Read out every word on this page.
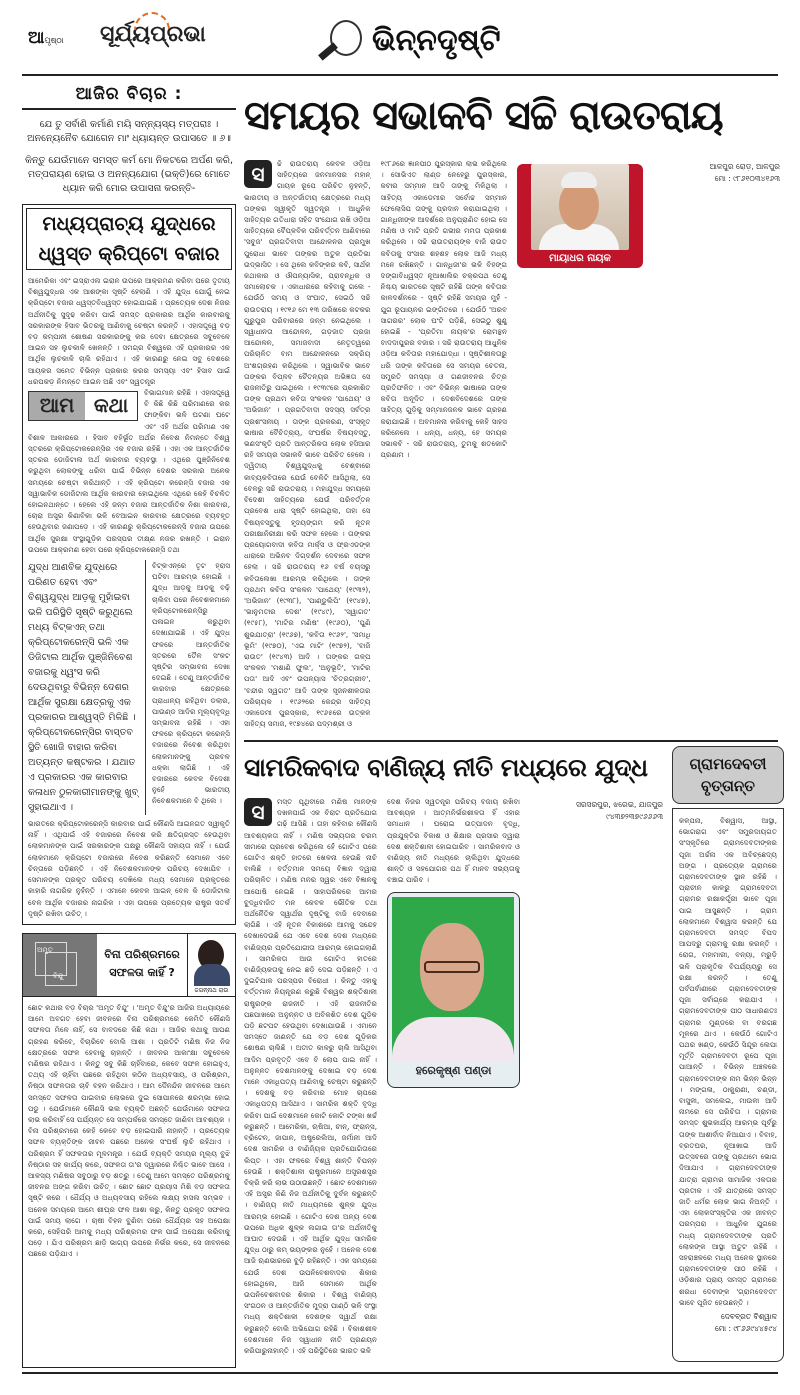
ଆପୃଷ୍ଠା ସୂର୍ଯ୍ୟପ୍ରଭା	ଭିନ୍ନଦୃଷ୍ଟି
ଆଜିର ବିଚାର :
ଯେ ତୁ ସର୍ବାଣି କର୍ମାଣି ମୟି ସନ୍ନ୍ୟସ୍ୟ ମତ୍ପରାଃ । ଅନନ୍ୟେନୈବ ଯୋଗେନ ମାଂ ଧ୍ୟାୟନ୍ତ ଉପାସତେ ॥ ୬॥
କିନ୍ତୁ ଯେଉଁମାନେ ସମସ୍ତ କର୍ମ ମୋ ନିକଟରେ ଅର୍ପଣ କରି, ମତ୍ପରାୟଣ ହୋଇ ଓ ଅନନ୍ୟଯୋଗ (ଭକ୍ତି)ରେ ମୋତେ ଧ୍ୟାନ କରି ମୋର ଉପାସନା କରନ୍ତି-
ମଧ୍ୟପ୍ରାଚ୍ୟ ଯୁଦ୍ଧରେ ଧ୍ୱସ୍ତ କ୍ରିପ୍ଟୋ ବଜାର
ଆମେରିକା ଏବଂ ଇସ୍ରାଏଲ ଇରାନ ଉପରେ ଆକ୍ରମଣ କରିବା ପରେ ତୃତୀୟ ବିଶ୍ୱଯୁଦ୍ଧର ଏକ ଆଶଙ୍କା ସୃଷ୍ଟି ହେଲାଣି । ଏହି ଯୁଦ୍ଧ ଯୋଗୁଁ ନେଇ କ୍ରିପ୍ଟୋ ବଜାର ଧ୍ୱସ୍ତବିଧ୍ୱସ୍ତ ହୋଇଯାଇଛି । ପ୍ରତ୍ୟେକ ଦେଶ ନିଜର ଅର୍ଥନୀତିକୁ ସୁଦୃଢ କରିବା ପାଇଁ ସମସ୍ତ ପ୍ରକାରର ଆର୍ଥିକ କାରବାରକୁ ସରକାରଙ୍କ ହିସାବ ଭିତରକୁ ଆଣିବାକୁ ଚେଷ୍ଟା କରନ୍ତି । ଏହାସତ୍ତ୍ୱେ ବଡ଼ ବଡ଼ କମ୍ପାନୀ ଶୋଷଣ ସରକାରଙ୍କୁ କର ଦେବା କ୍ଷେତ୍ରରେ ସବୁବେଳେ ଆଇନ ସହ ଲୁଚକାଳି ଖେଳନ୍ତି । ସମଗ୍ର ବିଶ୍ୱରେ ଏହି ପ୍ରକାରର ଏକ ଆର୍ଥିକ ଲୁଚକାଳି ଚାଲି ରହିଥାଏ । ଏହି କାରଣରୁ ନେଇ ସବୁ ଦେଶରେ ଆୟକର ସମେତ ବିଭିନ୍ନ ପ୍ରକାର କରର ସମସ୍ୟା ଏବଂ ହିସାବ ପାଇଁ ଧରପକଡ଼ ନିମନ୍ତେ ଆଇନ ଅଛି ଏବଂ ସ୍ୱତନ୍ତ୍ର
ଆମ କଥା
ବିଭାଗମାନ ରହିଛି । ଏହାସତ୍ତ୍ୱେ ବି କିଛି କିଛି ପରିମାଣରେ କର ଫାଙ୍କିବା ଭଳି ଘଟଣା ଘଟେ ଏବଂ ଏହି ଅର୍ଥର ପରିମାଣ ଏକ ବିଶାଳ ଆକାରରେ । ହିସାବ ବହିର୍ଭୂତ ଅର୍ଥର ନିବେଶ ନିମନ୍ତେ ବିଶ୍ୱ ସ୍ତରରେ କ୍ରିପ୍ଟୋକରେନ୍ସିର ଏକ ବଜାର ରହିଛି । ଏହା ଏକ ଆନ୍ତର୍ଜାତିକ ସ୍ତରର ଡୋଜିଟାଲ ଅର୍ଥ କାରବାର ବ୍ୟବସ୍ଥା । ଏଥିରେ ପୁଞ୍ଜିନିବେଶ କରୁଥିବା ଲୋକଙ୍କୁ ଧରିବା ପାଇଁ ବିଭିନ୍ନ ଦେଶର ସରକାର ଅନେକ ସମୟରେ ଚେଷ୍ଟା କରିଥାନ୍ତି । ଏହି କ୍ରିପ୍ଟୋ କରେନ୍ସି ବଜାର ଏକ ସ୍ୱାଭାବିକ ଡୋଜିଟାଲ ଆର୍ଥିକ କାରବାର ହୋଇଥିଲେ ଏଥିରେ କେହି ବିଚଳିତ ହୋଇନଥାନ୍ତେ । ହେଲେ ଏହି ଜନ୍ମ ବଜାର ଆନ୍ତର୍ଜାତିକ ନିଶା କାରବାର, ଚୋରା ଅସ୍ତ୍ର କିଣାବିକା ଭଳି ବେଆଇନ କାରବାର କ୍ଷେତ୍ରରେ ବ୍ୟବହୃତ ହେଉଥିବାର ଜଣାପଡ଼େ । ଏହି କାରଣରୁ କ୍ରିପ୍ଟୋକରେନ୍ସି ବଜାର ଉପରେ ଆର୍ଥିକ ସୁରକ୍ଷା ସଂସ୍ଥାଗୁଡ଼ିକ ପରସ୍ପର ତୀକ୍ଷ୍ଣ ନଜର ରଖନ୍ତି । ଇରାନ ଉପରେ ଆକ୍ରମଣ ହେବା ପରେ କ୍ରିପ୍ଟୋକରେନ୍ସି ତଥା
ଯୁଦ୍ଧ ଆଣବିକ ଯୁଦ୍ଧରେ ପରିଣତ ହେବା ଏବଂ ବିଶ୍ୱଯୁଦ୍ଧ ଆଡ଼କୁ ମୁହାଁଇବା ଭଳି ପରିସ୍ଥିତି ସୃଷ୍ଟି କରୁଥିଲେ ମଧ୍ୟ ବିଟ୍‌କଏନ୍ ତଥା କ୍ରିପ୍ଟୋକରେନ୍ସି ଭଳି ଏକ ଡିଜିଟାଲ ଆର୍ଥିକ ପୁଞ୍ଜିନିବେଶ ବଜାରକୁ ଧ୍ୱଂସ କରି ଦେଉଥିବାରୁ ବିଭିନ୍ନ ଦେଶର ଆର୍ଥିକ ସୁରକ୍ଷା କ୍ଷେତ୍ରକୁ ଏକ ପ୍ରକାରର ଆଶ୍ୱସ୍ତି ମିଳିଛି । କ୍ରିପ୍ଟୋକରେନ୍ସିର ବାସ୍ତବ ସ୍ଥିତି ଖୋଜି ବାହାର କରିବା ଅତ୍ୟନ୍ତ କଷ୍ଟକର । ଯଥାତ ଏ ପ୍ରକାରର ଏକ କାରବାର କଳାଧନ ଠୁଳକାରୀମାନଙ୍କୁ ଖୁବ୍ ସୁହାଇଥାଏ ।
ବିଟ୍‌କଏନ୍‌ରେ ତୃଟ ହ୍ରାସ ଘଟିବା ଆରମ୍ଭ ହୋଇଛି । ଯୁଦ୍ଧ ଆଡ଼କୁ ଆଡ଼କୁ ବଢ଼ି ଚାଲିବା ପରେ ନିବେଶକମାନେ କ୍ରିପ୍ଟୋକରେନ୍ସିରୁ ପଳାଇନ କରୁଥିବା ଦେଖାଯାଇଛି । ଏହି ଯୁଦ୍ଧ ଫଳରେ ଆନ୍ତର୍ଜାତିକ ସ୍ତରରେ ତୈଳ ସଂକଟ ସୃଷ୍ଟିର ସମ୍ଭାବନା ଦେଖା ଦେଇଛି । ତେଣୁ ଆନ୍ତର୍ଜାତିକ କାରବାର କ୍ଷେତ୍ରରେ ପ୍ରାଧାନ୍ୟ ରହିଥିବା ଡଲାର, ପାଉଣ୍ଡ ଆଦିର ମୂଲ୍ୟବୃଦ୍ଧି ସମ୍ଭାବନା ରହିଛି । ଏହା ଫଳରେ କ୍ରିପ୍ଟୋ କରେନ୍ସି ବଜାରରେ ନିବେଶ କରିଥିବା ଲୋକମାନଙ୍କୁ ପ୍ରବଳ ଧକ୍କା ଲାଗିଛି । ଏହି ବଜାରରେ କେବଳ ବିଦେଶୀ ନୁହେଁ ଭାରତୀୟ ନିବେଶକମାନେ ବି ଥିଲେ ।
ଭାରତରେ କ୍ରିପ୍ଟୋକରେନ୍ସି କାରବାର ପାଇଁ କୌଣସି ଆଇନଗତ ସ୍ୱୀକୃତି ନାହିଁ । ଏଥିପାଇଁ ଏହି ବଜାରରେ ନିବେଶ କରି କ୍ଷତିଗ୍ରସ୍ତ ହେଉଥିବା ଲୋକମାନଙ୍କ ପାଇଁ ସରକାରଙ୍କ ପକ୍ଷରୁ କୌଣସି ସହାୟତା ନାହିଁ । ଯେଉଁ ଲୋକମାନେ କ୍ରିପ୍ଟୋ ବଜାରରେ ନିବେଶ କରିଛନ୍ତି ସେମାନେ ଏବେ ଚିନ୍ତାରେ ପଡ଼ିଛନ୍ତି । ଏହି ନିବେଶକମାନଙ୍କ ପରିଚୟ ଦେଖାଯିବ । ସେମାନଙ୍କ ପ୍ରକୃତ ପରିଚୟ ଦେଖିଲେ ମଧ୍ୟ ସେମାନେ ପ୍ରକୃତରେ କାହାରି ନାଗରିକ ନୁହଁନ୍ତି । ଏମାନେ କେବଳ ଆଇନ୍ ବେଳ କି ଡୋଜିଟାଲ ବେଳ ଆର୍ଥିକ ବଜାରର ନାଗରିକ । ଏହା ଉପରେ ପ୍ରତ୍ୟେକ ରାଷ୍ଟ୍ର ସତର୍କ ଦୃଷ୍ଟି ରଖିବା ଉଚିତ୍ ।
ଅମୃତ
ବିନ୍ଦୁ
ବିନା ପରିଶ୍ରମରେ ସଫଳତା କାହିଁ ?
ଜଗନ୍ନାଥ ରାଉ
ଛୋଟ କଥାର ବଡ଼ ବିଚାର 'ଅମୃତ ବିନ୍ଦୁ' । 'ଅମୃତ ବିନ୍ଦୁ'ର ଆଜିର ଅଧ୍ୟାୟରେ ଆମେ ଅବଗତ ହେବା ଜୀବନରେ ବିନା ପରିଶ୍ରମରେ କେମିତି କୌଣସି ସଫଳତା ମିଳେ ନାହିଁ, ସେ ବାବଦରେ କିଛି କଥା । ଆଜିର କଥାକୁ ଆପଣ ଗ୍ରହଣ କରିବେ, ବିଚାରିବେ ବୋଲି ଆଶା । ପ୍ରତିଟି ମଣିଷ ନିଜ ନିଜ କ୍ଷେତ୍ରରେ ସଫଳ ହେବାକୁ ଚାହାନ୍ତି । ଜୀବନର ଆକାଂକ୍ଷା ସବୁବେଳେ ମଣିଷର ରହିଥାଏ । କିନ୍ତୁ ସବୁ କିଛି ଚାହିଁବାରେ, କେବେ ସଫଳ ହୋଇହୁଏ, ତଥ୍ୟ ଏହି ଚାହିଁବା ପଛରେ ରହିଥିବା କଠିନ ଅଧ୍ୟବସାୟ, ଓ ପରିଶ୍ରମ, ନିଷ୍ଠା ସଫଳତାର ଚାବି ବହନ କରିଥାଏ । ଆମ ଦୈନନ୍ଦିନ ଜୀବନରେ ଆମେ ସମସ୍ତେ ସଫଳତା ପାଇବାର ଲୋଭରେ ଦୁଇ ସୋପାନରେ ଶରମ୍ଭା ହୋଇ ପଡୁ । ଯେଉଁମାନେ କୌଣସି ଭଲ ବ୍ୟକ୍ତି ଅଛନ୍ତି ଯେଉଁମାନେ ସଫଳତା ଲାଭ କରିବାହିଁ ସେ ପର୍ଯ୍ୟନ୍ତ ସେ ସମ୍ପର୍କରେ ସମସ୍ତେ ଜାଣିବା ଆବଶ୍ୟକ । ବିନା ପରିଶ୍ରମରେ କେହି କେବେ ବଡ଼ ହୋଇପାରି ନାହାନ୍ତି । ପ୍ରତ୍ୟେକ ସଫଳ ବ୍ୟକ୍ତିଙ୍କ ଜୀବନ ପଛରେ ଅନେକ ସଂଘର୍ଷ ଲୁଚି ରହିଥାଏ । ପରିଶ୍ରମ ହିଁ ସଫଳତାର ମୂଳମନ୍ତ୍ର । ଯେଉଁ ବ୍ୟକ୍ତି ସମୟର ମୂଲ୍ୟ ବୁଝି ନିଷ୍ଠାର ସହ କାର୍ଯ୍ୟ କରେ, ସଫଳତା ତା'ର ଦ୍ୱାରରେ ନିଶ୍ଚିତ ଭାବେ ଆସେ । ଆଳସ୍ୟ ମଣିଷର ସବୁଠାରୁ ବଡ଼ ଶତ୍ରୁ । ତେଣୁ ଆମେ ସମସ୍ତେ ପରିଶ୍ରମକୁ ଜୀବନର ଅଙ୍ଗ କରିବା ଉଚିତ୍ । ଛୋଟ ଛୋଟ ପ୍ରୟାସ ମିଶି ବଡ଼ ସଫଳତା ସୃଷ୍ଟି କରେ । ଧୈର୍ଯ୍ୟ ଓ ଅଧ୍ୟବସାୟ ରହିଲେ ଲକ୍ଷ୍ୟ ହାସଲ ସମ୍ଭବ । ଅନେକ ସମୟରେ ଆମେ ଶୀଘ୍ର ଫଳ ଆଶା କରୁ, କିନ୍ତୁ ପ୍ରକୃତ ସଫଳତା ପାଇଁ ସମୟ ଲାଗେ । ଚାଷୀ ବିହନ ବୁଣିବା ପରେ ଧୈର୍ଯ୍ୟର ସହ ଅପେକ୍ଷା କରେ, ସେହିପରି ଆମକୁ ମଧ୍ୟ ପରିଶ୍ରମର ଫଳ ପାଇଁ ଅପେକ୍ଷା କରିବାକୁ ପଡ଼େ । ଯିଏ ପରିଶ୍ରମ ଛାଡ଼ି ଭାଗ୍ୟ ଉପରେ ନିର୍ଭର କରେ, ସେ ଜୀବନରେ ପଛରେ ପଡ଼ିଯାଏ ।
ସମୟର ସଭାକବି ସଚ୍ଚି ରାଉତରାୟ
ସ	ଚ୍ଚି ରାଉତରାୟ କେବଳ ଓଡ଼ିଆ ସାହିତ୍ୟରେ ଜନମାନସର ମହାନ୍ ଗାୟକ ରୂପେ ପରିଚିତ ନୁହନ୍ତି, ଭାରତୀୟ ଓ ଅନ୍ତର୍ଜାତୀୟ କ୍ଷେତ୍ରରେ ମଧ୍ୟ ତାଙ୍କର ସ୍ୱୀକୃତି ସ୍ୱତନ୍ତ୍ର । ଆଧୁନିକ ସାହିତ୍ୟର ଗତିଧାରା ସହିତ ସଂଯୋଗ ରଖି ଓଡ଼ିଆ ସାହିତ୍ୟରେ ବୈପ୍ଳବିକ ପରିବର୍ତ୍ତନ ଆଣିବାରେ 'ସବୁଜ' ପ୍ରଗତିବାଦୀ ଆନ୍ଦୋଳନର ପ୍ରମୁଖ ପୁରୋଧା ଭାବେ ତାଙ୍କର ଅତୁଳ ପ୍ରତିଭା ଉଦ୍ଭାସିତ । ସେ ଥିଲେ କବିଙ୍କର କବି, ସାର୍ଥକ କଥାକାର ଓ ଔପନ୍ୟାସିକ, ପ୍ରାବନ୍ଧିକ ଓ ସମାଲୋଚକ । ଏକାଧାରରେ କହିବାକୁ ଗଲେ - ଯେଉଁଠି ସମୟ ଓ ସଂଘାତ, ସେଇଠି ସଚ୍ଚି ରାଉତରାୟ । ୧୯୧୬ ମେ ୧୩ ତାରିଖରେ କଟକର ଗୁରୁପୁର ପରିବାରରେ ଜନ୍ମ ନେଇଥିଲେ । ସ୍ୱାଧୀନତା ଆନ୍ଦୋଳନ, ଗଡ଼ଜାତ ପ୍ରଜା ଆନ୍ଦୋଳନ, ସମାଜବାଦୀ ନେତୃତ୍ୱରେ ପରିଚାଳିତ ବାମ ଆନ୍ଦୋଳନରେ ସକ୍ରିୟ ଅଂଶଗ୍ରହଣ କରିଥିଲେ । ସ୍ୱାଭାବିକ ଭାବେ ତାଙ୍କର ବିପ୍ଳବ ଚୈତନ୍ୟର ଅଭିଜ୍ଞତା ସେ ରାଜନୀତିରୁ ପାଇଥିଲେ । ୧୯୩୯ରେ ପ୍ରକାଶିତ ତାଙ୍କ ପ୍ରଥମ କବିତା ସଂକଳନ 'ପାଥେୟ' ଓ 'ଅଭିଜାନ' । ପ୍ରଗତିବାଦୀ ସଦସ୍ୟ ସର୍ବତ୍ର ପ୍ରଶଂସନୀୟ । ତାଙ୍କ ପ୍ରକରଣ, ସଂସ୍କୃତ ଭାଷାର ବୈଚିତ୍ର୍ୟ, ସଂଘର୍ଷର ବିଷୟବସ୍ତୁ, ଭଣସଂକୃତି ପ୍ରତି ଆନ୍ତରିକତା ଲୋକ ହସିଆର ରହି ସମୟର ସଭାକବି ଭାବେ ପରିଚିତ ହେଲେ । ଦ୍ୱିତୀୟ ବିଶ୍ୱଯୁଦ୍ଧକୁ ବେଶ୍ଵାରେ କାବ୍ୟକବିତାରେ ଯେଉଁ ବେଳିଟି ଆସିଥିଲା, ସେ ବେଳରୁ ସଚ୍ଚି ରାଉତରାୟ । ମହାଯୁଦ୍ଧ ସମୟରେ ବିଦେଶୀ ସାହିତ୍ୟରେ ଯେଉଁ ପରିବର୍ତ୍ତନ ପ୍ରବେଶ ଧାରା ସୃଷ୍ଟି ହୋଇଥିଲା, ତାହା ସେ ବିଷୟବସ୍ତୁକୁ ହୃଦୟଙ୍ଗମ କରି ନୂତନ ପରୀକ୍ଷାନିରୀକ୍ଷା କରି ସଫଳ ହେଲେ । ତାଙ୍କର ପ୍ରୟୋଗବାଦୀ କବିତା ମାର୍କ୍ସ ଓ ଫ୍ରଏଡଙ୍କ ଧାରାରେ ଅଭିନବ ଦିଗ୍‌ଦର୍ଶନ ଦେବାରେ ସଫଳ ହେଲା । ସଚ୍ଚି ରାଉତରାୟ ୧୬ ବର୍ଷ ବୟସରୁ କବିତାଲେଖା ଆରମ୍ଭ କରିଥିଲେ । ତାଙ୍କ ପ୍ରଥମ କବିତା ସଂକଳନ 'ପାଥେୟ' (୧୯୩୨), 'ଅଭିଜାନ' (୧୯୩୮), 'ପାଣ୍ଡୁଲିପି' (୧୯୪୭), 'ଭାନୁମତୀର ଦେଶ' (୧୯୪୯), 'ସ୍ୱାଗତ' (୧୯୫୮), 'ମାଟିର ମଣିଷ' (୧୯୬୦), 'ପୁଣି ଶୁଭଯାତ୍ରା' (୧୯୬୭), 'କବିତା ୧୯୬୨', 'ସମାଧି ଭୂମି' (୧୯୭୦), 'ଏଇ ମାଟି' (୧୯୭୨), 'ବାଜି ରାଉତ' (୧୯୪୩) ଆଦି । ତାଙ୍କର ଗଳ୍ପ ସଂକଳନ 'ମଶାଣି ଫୁଲ', 'ଅନୁଭୂତି', 'ମାଟିର ପତା' ଆଦି ଏବଂ ଉପନ୍ୟାସ 'ଚିତ୍ରଗ୍ରୀବ', 'ବନ୍ଦୀର ସ୍ୱଗତ' ଆଦି ତାଙ୍କ ସୃଜନଶୀଳତାର ପରିଚାୟକ । ୧୯୬୨ରେ କେନ୍ଦ୍ର ସାହିତ୍ୟ ଏକାଡେମୀ ପୁରସ୍କାର, ୧୯୬୫ରେ ଉତ୍କଳ ସାହିତ୍ୟ ସମାଜ, ୧୯୭୪ରେ ପଦ୍ମଶ୍ରୀ ଓ
୧୯୮୬ରେ ଜ୍ଞାନପୀଠ ପୁରସ୍କାର ଲାଭ କରିଥିଲେ । ସୋଭିଏତ ଲାଣ୍ଡ ନେହେରୁ ପୁରସ୍କାର, କବୀର ସମ୍ମାନ ଆଦି ତାଙ୍କୁ ମିଳିଥିଲା । ସାହିତ୍ୟ ଏକାଡେମୀର ସର୍ବୋଚ୍ଚ ସମ୍ମାନ ଫେଲୋସିପ ତାଙ୍କୁ ପ୍ରଦାନ କରାଯାଇଥିଲା । ଗାନ୍ଧିଜୀଙ୍କ ଆଦର୍ଶରେ ଅନୁପ୍ରାଣିତ ହୋଇ ସେ ମଣିଷ ଓ ମାଟି ପ୍ରତି ଗଭୀର ମମତା ପ୍ରକାଶ କରିଥିଲେ । ସଚ୍ଚି ରାଉତରାୟଙ୍କ ବାଜି ରାଉତ କବିତାକୁ ସଂସାର ଶହଶହ ଲୋକ ଆଜି ମଧ୍ୟ ମନେ ରଖିଛନ୍ତି । ଗାନ୍ଧିଜୀ'ର ଭଳି ବିହଙ୍ଗ ଦଙ୍ଗାବିଧ୍ୱସ୍ତ ନୂଆଖାଲିର ଚକ୍ରପଥ ତେଣୁ ନିଶ୍ଚୟ ଭାରତରେ ସୃଷ୍ଟି ରହିଛି ତାଙ୍କ କବିତାର କାଳଦର୍ଶନରେ - ସୃଷ୍ଟି ରହିଛି ସମୟର ମୁହଁ - ଯୁଗ ରୂପାୟନର ଇଙ୍ଗିତରେ । ଯେଉଁଠି 'ଅରବ ସାଗରର' ଲୋକ ଘଂଟି ପଡ଼ିଛି, ସେଇଠୁ ଶୁଣୁ ହୋଇଛି - 'ପ୍ରତିମା ନାୟକ'ର ରୋମନ୍ଥନ ବାଦଦାପୁରର ବଜାର । ସଚ୍ଚି ରାଉତରାୟ ଆଧୁନିକ ଓଡ଼ିଆ କବିତାର ମହାଯୋଦ୍ଧା । ସୃଷ୍ଟିଶୀଳତାରୁ ଧରି ତାଙ୍କ କବିତାରେ ସେ ସମୟର ଚେତନା, ସମ୍ପ୍ରତି ସମସ୍ୟା ଓ ଗଣଜୀବନର ଚିତ୍ର ପ୍ରତିଫଳିତ । ଏବଂ ବିଭିନ୍ନ ଭାଷାରେ ତାଙ୍କ କବିତା ଅନୂଦିତ । ଦେଶବିଦେଶରେ ତାଙ୍କ ସାହିତ୍ୟ ଗୁଡ଼ିକୁ ସମ୍ମାନଜନକ ଭାବେ ଗ୍ରହଣ କରାଯାଇଛି । ଅବମାନନା କରିବାକୁ କେହି ସାହସ କରିନେଲେ । ଧନ୍ୟ, ଧନ୍ୟ, ହେ ସମୟର ସଭାକବି - ସଚ୍ଚି ରାଉତରାୟ, ତୁମକୁ ଶତକୋଟି ପ୍ରଣାମ ।
ମାୟାଧର ନାୟକ
ଆଳପୁର ରୋଡ଼, ଆଳପୁର
ମୋ : ୯୮୬୧୦୩୪୧୬୩
ସାମରିକବାଦ ବାଣିଜ୍ୟ ନୀତି ମଧ୍ୟରେ ଯୁଦ୍ଧ
ସ	ମସ୍ତ ପୃଥିବୀରେ ମଣିଷ ମାନଙ୍କ ଦଖଳପାଇଁ ଏକ ବିରାଟ ପ୍ରତିଯୋଗ ଗଢ଼ି ଆସିଛି । ତାହା କହିବାର କୌଣସି ଆବଶ୍ୟକତା ନାହିଁ । ମଣିଷ ସଭ୍ୟତାର ଚରମ ସୀମାରେ ପ୍ରବେଶ କରିଥିଲେ ହେଁ ଗୋଟିଏ ପରେ ଗୋଟିଏ ଶକ୍ତି ହାତରେ ଖେଳନା ହେଉଛି ନାଚି ବାଲିଛି । ବର୍ତ୍ତମାନ ସମୟେ ବିଜ୍ଞାନ ଦ୍ୱାରା ପରିଚାଳିତ । ମଣିଷ ମନର ସ୍ୱର ଏବେ ବିଜ୍ଞାନକୁ ଆପୋଷି ନେଇଛି । ସାହାପରିକରେ ଆମର ବୁଦ୍ଧିବାଜିତ ମନ କେବଳ ଭୌତିକ ତଥା ଅର୍ଥନୈତିକ ସ୍ୱାର୍ଥର ଦୃଷ୍ଟିକୁ ବାଜି ଦେବାରେ ଲାଗିଛି । ଏହି ନୂତନ ବିକାଶରେ ଆମକୁ ସନ୍ଦେହ ଦେଖାଦେଉଛି ଯେ ଏବେ ଦେଶ ଦେଶ ମଧ୍ୟରେ ବାଣିଜ୍ୟର ପ୍ରତିଯୋଗୀତା ଆରମ୍ଭ ହୋଇଗଲାଣି । ସାମରିକତା ଆଉ ଗୋଟିଏ ହାତରେ ବାଣିଜ୍ୟିକତାକୁ ନେଇ ଛଡ଼ି ଦେଇ ପଡ଼ିଛନ୍ତି । ଏ ଦୁଇଟିଯାକ ପରସ୍ପର ବିରୋଧୀ । କିନ୍ତୁ ଏହାକୁ ବର୍ତ୍ତମାନ ନିୟନ୍ତ୍ରଣ କରୁଛି ବିଶ୍ୱର ଶକ୍ତିଶାଳୀ ରାଷ୍ଟ୍ରଙ୍କ ରାଜନୀତି । ଏହି ରାଜନୀତିର ପଛପାଖରେ ଅନୁନ୍ନତ ଓ ଅବିକଶିତ ଦେଶ ଗୁଡ଼ିକ ପଡ଼ି ଛଟପଟ ହେଉଥିବା ଦେଖାଯାଉଛି । ଏମାନେ ସମସ୍ତେ ଜାଣନ୍ତି ଯେ ବଡ଼ ଦେଶ ଗୁଡ଼ିକର ଶୋଷଣ ଚାଲିଛି । ଅତୀତ କାଳରୁ ଚାଲି ଆସିଥିବା ଆଦିମ ପ୍ରବୃତ୍ତି ଏବେ ବି ଲୋପ ପାଇ ନାହିଁ । ଅନୁନ୍ନତ ଦେଶମାନଙ୍କୁ ଦେଖାଇ ବଡ଼ ଦେଶ ମାନେ ଏକାଧିପତ୍ୟ ଆଣିବାକୁ ଚେଷ୍ଟା କରୁଛନ୍ତି । ଦେଶକୁ ବଡ଼ କରିବାର ମୋହ ଚାପରେ ଏକାଧିପତ୍ୟ ଆସିଥାଏ । ସାମରିକ ଶକ୍ତି ବୃଦ୍ଧି କରିବା ପାଇଁ ଦେଶମାନେ କୋଟି କୋଟି ଟଙ୍କା ଖର୍ଚ୍ଚ କରୁଛନ୍ତି । ଆମେରିକା, ଋଷିଆ, ଚୀନ୍, ଫ୍ରାନ୍ସ, ବ୍ରିଟେନ, ଜାପାନ, ଅଷ୍ଟ୍ରେଲିଆ, ଜର୍ମାନୀ ଆଦି ଦେଶ ସାମରିକ ଓ ବାଣିଜ୍ୟିକ ପ୍ରତିଯୋଗିତାରେ ଲିପ୍ତ । ଏହା ଫଳରେ ବିଶ୍ୱ ଶାନ୍ତି ବିପନ୍ନ ହେଉଛି । ଶକ୍ତିଶାଳୀ ରାଷ୍ଟ୍ରମାନେ ଅସ୍ତ୍ରଶସ୍ତ୍ର ବିକ୍ରି କରି ଲାଭ ଉଠାଉଛନ୍ତି । ଛୋଟ ଦେଶମାନେ ଏହି ଅସ୍ତ୍ର କିଣି ନିଜ ଅର୍ଥନୀତିକୁ ଦୁର୍ବଳ କରୁଛନ୍ତି । ବାଣିଜ୍ୟ ନୀତି ମାଧ୍ୟମରେ ଶୁଳ୍କ ଯୁଦ୍ଧ ଆରମ୍ଭ ହୋଇଛି । ଗୋଟିଏ ଦେଶ ଅନ୍ୟ ଦେଶ ଉପରେ ଅଧିକ ଶୁଳ୍କ ଲଗାଇ ତା'ର ଅର୍ଥନୀତିକୁ ଆଘାତ ଦେଉଛି । ଏହି ଆର୍ଥିକ ଯୁଦ୍ଧ ସାମରିକ ଯୁଦ୍ଧ ଠାରୁ କମ୍ ଭୟଙ୍କର ନୁହେଁ । ଅନେକ ଦେଶ ଆଜି ଋଣଭାରରେ ବୁଡ଼ି ରହିଛନ୍ତି । ଏକ ସମୟରେ ଯେଉଁ ଦେଶ ଉପନିବେଶବାଦର ଶିକାର ହୋଇଥିଲେ, ଆଜି ସେମାନେ ଆର୍ଥିକ ଉପନିବେଶବାଦର ଶିକାର । ବିଶ୍ୱ ବାଣିଜ୍ୟ ସଂଗଠନ ଓ ଆନ୍ତର୍ଜାତିକ ମୁଦ୍ରା ପାଣ୍ଠି ଭଳି ସଂସ୍ଥା ମଧ୍ୟ ଶକ୍ତିଶାଳୀ ଦେଶଙ୍କ ସ୍ୱାର୍ଥ ରକ୍ଷା କରୁଛନ୍ତି ବୋଲି ଅଭିଯୋଗ ରହିଛି । ବିକାଶଶୀଳ ଦେଶମାନେ ନିଜ ସ୍ୱାଧୀନ ନୀତି ପ୍ରଣୟନ କରିପାରୁନାହାନ୍ତି । ଏହି ପରିସ୍ଥିତିରେ ଭାରତ ଭଳି
ଦେଶ ନିଜର ସ୍ୱତନ୍ତ୍ର ପରିଚୟ ବଜାୟ ରଖିବା ଆବଶ୍ୟକ । ଆତ୍ମନିର୍ଭରଶୀଳତା ହିଁ ଏହାର ସମାଧାନ । ଘରୋଇ ଉତ୍ପାଦନ ବୃଦ୍ଧି, ପ୍ରଯୁକ୍ତିର ବିକାଶ ଓ ଶିକ୍ଷାର ପ୍ରସାର ଦ୍ୱାରା ଦେଶ ଶକ୍ତିଶାଳୀ ହୋଇପାରିବ । ସାମରିକବାଦ ଓ ବାଣିଜ୍ୟ ନୀତି ମଧ୍ୟରେ ଚାଲିଥିବା ଯୁଦ୍ଧରେ ଶାନ୍ତି ଓ ସହଯୋଗର ପଥ ହିଁ ମାନବ ସଭ୍ୟତାକୁ ବଞ୍ଚାଇ ପାରିବ ।
ହରେକୃଷ୍ଣ ପଣ୍ଡା
ସରସରପୁର, ଝରେଇ, ଯାଜପୁର
୯୪୩୭୨୩୭୯୬୬୬୩
ଗ୍ରାମଦେବତୀ
ବୃତ୍ତାନ୍ତ
କଳ୍ପନା, ବିଶ୍ୱାସ, ଆସ୍ଥା, ଭୋଗରାଗ ଏବଂ ସମ୍ପ୍ରଦାୟଗତ ସଂସ୍କୃତିରେ ଗ୍ରାମଦେବତୀଙ୍କର ପୂଜା ଅର୍ଚ୍ଚନା ଏକ ଅବିଚ୍ଛେଦ୍ୟ ଅଙ୍ଗ । ପ୍ରତ୍ୟେକ ଗ୍ରାମରେ ଗ୍ରାମଦେବତୀଙ୍କ ସ୍ଥାନ ରହିଛି । ପ୍ରାଚୀନ କାଳରୁ ଗ୍ରାମଦେବତୀ ଗ୍ରାମର ରକ୍ଷାକର୍ତ୍ତ୍ରୀ ଭାବେ ପୂଜା ପାଇ ଆସୁଛନ୍ତି । ଗ୍ରାମ ଲୋକମାନେ ବିଶ୍ୱାସ କରନ୍ତି ଯେ ଗ୍ରାମଦେବତୀ ସମସ୍ତ ବିପଦ ଆପଦରୁ ଗ୍ରାମକୁ ରକ୍ଷା କରନ୍ତି । ରୋଗ, ମହାମାରୀ, ବନ୍ୟା, ମରୁଡ଼ି ଭଳି ପ୍ରାକୃତିକ ବିପର୍ଯ୍ୟୟରୁ ସେ ରକ୍ଷା କରନ୍ତି । ତେଣୁ ପର୍ବପର୍ବାଣୀରେ ଗ୍ରାମଦେବତୀଙ୍କ ପୂଜା ସର୍ବାଗ୍ରେ କରାଯାଏ । ଗ୍ରାମଦେବତୀଙ୍କ ପୀଠ ସାଧାରଣତଃ ଗ୍ରାମର ମୁଣ୍ଡରେ ବା ବରଗଛ ମୂଳରେ ଥାଏ । କେଉଁଠି ଗୋଟିଏ ପଥର ଖଣ୍ଡ, କେଉଁଠି ସିନ୍ଦୂର ଲେପା ମୂର୍ତ୍ତି ଗ୍ରାମଦେବତୀ ରୂପେ ପୂଜା ପାଆନ୍ତି । ବିଭିନ୍ନ ଅଞ୍ଚଳରେ ଗ୍ରାମଦେବତୀଙ୍କ ନାମ ଭିନ୍ନ ଭିନ୍ନ । ମଙ୍ଗଳା, ଠାକୁରାଣୀ, ଚଣ୍ଡୀ, ବାସୁଳୀ, ସମଲେଇ, ମାଉଳୀ ଆଦି ନାମରେ ସେ ପରିଚିତା । ଗ୍ରାମର ସମସ୍ତ ଶୁଭକାର୍ଯ୍ୟ ଆରମ୍ଭ ପୂର୍ବରୁ ତାଙ୍କ ଆଶୀର୍ବାଦ ନିଆଯାଏ । ବିବାହ, ବ୍ରତଘର, ନୂଆଖାଇ ଆଦି ଉତ୍ସବରେ ତାଙ୍କୁ ପ୍ରଥମେ ଭୋଗ ଦିଆଯାଏ । ଗ୍ରାମଦେବତୀଙ୍କ ଯାତ୍ରା ଗ୍ରାମର ସାମାଜିକ ଏକତାର ପ୍ରତୀକ । ଏହି ଯାତ୍ରାରେ ସମସ୍ତ ଜାତି ଧର୍ମର ଲୋକ ଭାଗ ନିଅନ୍ତି । ଏହା ଲୋକସଂସ୍କୃତିର ଏକ ଜୀବନ୍ତ ପରମ୍ପରା । ଆଧୁନିକ ଯୁଗରେ ମଧ୍ୟ ଗ୍ରାମଦେବତୀଙ୍କ ପ୍ରତି ଲୋକଙ୍କ ଆସ୍ଥା ଅତୁଟ ରହିଛି । ସହରାଞ୍ଚଳରେ ମଧ୍ୟ ଅନେକ ସ୍ଥାନରେ ଗ୍ରାମଦେବତୀଙ୍କ ପୀଠ ରହିଛି । ଓଡ଼ିଶାର ପ୍ରାୟ ସମସ୍ତ ଗ୍ରାମରେ ଶରଧା ଦେବୀଙ୍କ 'ଗ୍ରାମଦେବତୀ' ଭାବେ ପୂଜିତ ହେଉଛନ୍ତି ।
ଦେବବ୍ରତ ବିଶ୍ୱାଳ
ମୋ : ୯୮୬୬୯୪୪୫୯୪
